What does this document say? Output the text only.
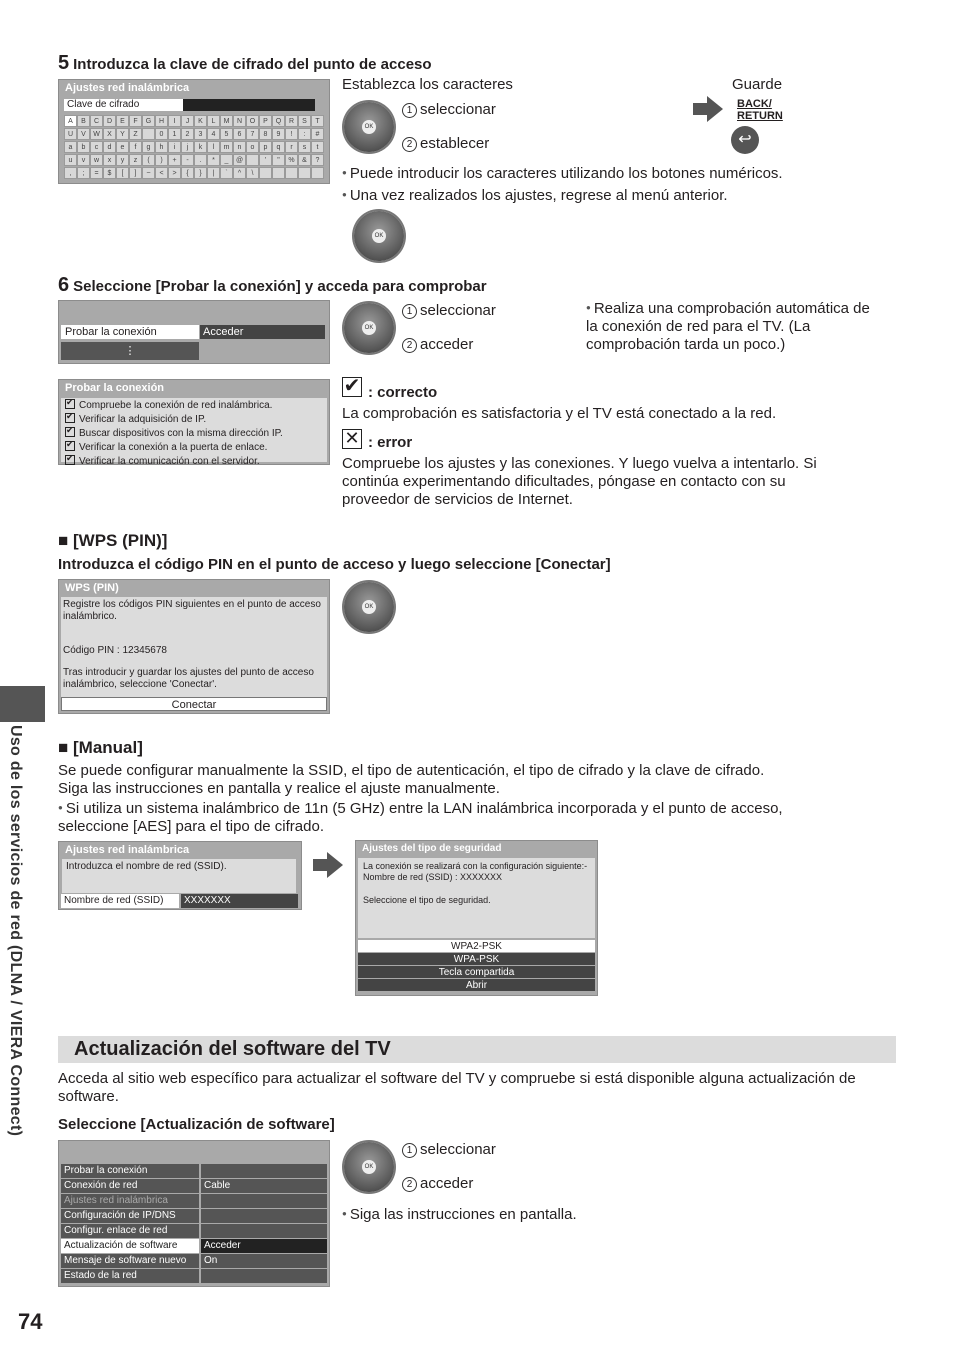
5 Introduzca la clave de cifrado del punto de acceso
Ajustes red inalámbrica
Clave de cifrado
A	B	C	D	E	F	G	H	I	J	K	L	M	N	O	P	Q	R	S	T
U	V	W	X	Y	Z	0	1	2	3	4	5	6	7	8	9	!	:	#
a	b	c	d	e	f	g	h	i	j	k	l	m	n	o	p	q	r	s	t
u	v	w	x	y	z	(	)	+	-	.	*	_	@	'	"	%	&	?
,	;	=	$	[	]	~	<	>	{	}	|	`	^	\
Establezca los caracteres
OK
1 seleccionar
2 establecer
Guarde
BACK/
RETURN
↩
● Puede introducir los caracteres utilizando los botones numéricos.
● Una vez realizados los ajustes, regrese al menú anterior.
OK
6 Seleccione [Probar la conexión] y acceda para comprobar
Probar la conexión	Acceder
⋮
OK
1 seleccionar
2 acceder
● Realiza una comprobación automática de la conexión de red para el TV. (La comprobación tarda un poco.)
Probar la conexión
✔Compruebe la conexión de red inalámbrica.
✔Verificar la adquisición de IP.
✔Buscar dispositivos con la misma dirección IP.
✔Verificar la conexión a la puerta de enlace.
✔Verificar la comunicación con el servidor.
✔ : correcto
La comprobación es satisfactoria y el TV está conectado a la red.
✕ : error
Compruebe los ajustes y las conexiones. Y luego vuelva a intentarlo. Si continúa experimentando dificultades, póngase en contacto con su proveedor de servicios de Internet.
■ [WPS (PIN)]
Introduzca el código PIN en el punto de acceso y luego seleccione [Conectar]
WPS (PIN)
Registre los códigos PIN siguientes en el punto de acceso inalámbrico.
Código PIN : 12345678
Tras introducir y guardar los ajustes del punto de acceso inalámbrico, seleccione 'Conectar'.
Conectar
OK
Uso de los servicios de red (DLNA / VIERA Connect) ■ [Manual]
Se puede configurar manualmente la SSID, el tipo de autenticación, el tipo de cifrado y la clave de cifrado.
Siga las instrucciones en pantalla y realice el ajuste manualmente.
● Si utiliza un sistema inalámbrico de 11n (5 GHz) entre la LAN inalámbrica incorporada y el punto de acceso, seleccione [AES] para el tipo de cifrado.
Ajustes red inalámbrica
Introduzca el nombre de red (SSID).
Nombre de red (SSID)	XXXXXXX
Ajustes del tipo de seguridad
La conexión se realizará con la configuración siguiente:-
Nombre de red (SSID) : XXXXXXX
Seleccione el tipo de seguridad.
WPA2-PSK
WPA-PSK
Tecla compartida
Abrir
Actualización del software del TV
Acceda al sitio web específico para actualizar el software del TV y compruebe si está disponible alguna actualización de software.
Seleccione [Actualización de software]
Probar la conexión
Conexión de red	Cable
Ajustes red inalámbrica
Configuración de IP/DNS
Configur. enlace de red
Actualización de software	Acceder
Mensaje de software nuevo	On
Estado de la red
OK
1 seleccionar
2 acceder
● Siga las instrucciones en pantalla.
74
